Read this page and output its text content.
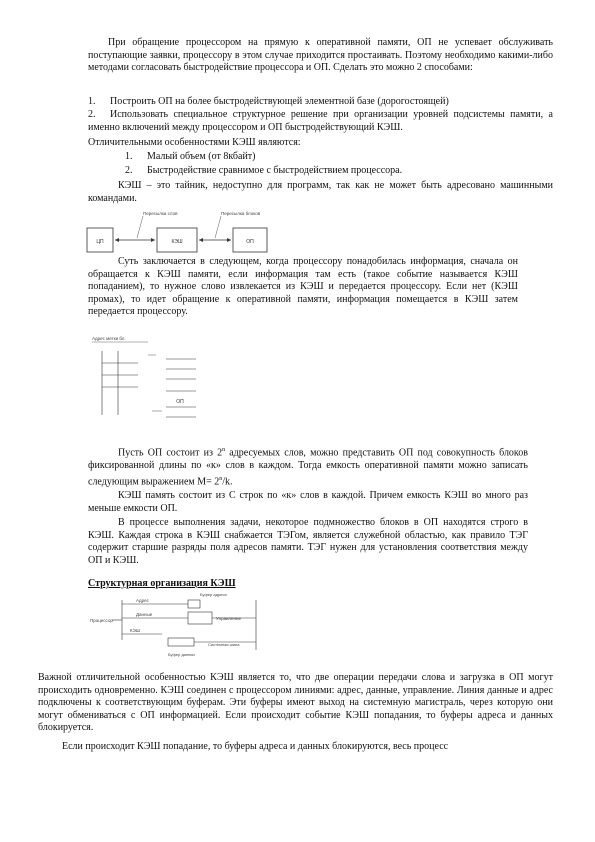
При обращение процессором на прямую к оперативной памяти, ОП не успевает обслуживать поступающие заявки, процессору в этом случае приходится простаивать. Поэтому необходимо какими-либо методами согласовать быстродействие процессора и ОП. Сделать это можно 2 способами:
1. Построить ОП на более быстродействующей элементной базе (дорогостоящей)
2. Использовать специальное структурное решение при организации уровней подсистемы памяти, а именно включений между процессором и ОП быстродействующий КЭШ.
Отличительными особенностями КЭШ являются:
1. Малый объем (от 8кбайт)
2. Быстродействие сравнимое с быстродействием процессора.
КЭШ – это тайник, недоступно для программ, так как не может быть адресовано машинными командами.
ЦП	КЭШ	ОП
Пересылка слов	Пересылка блоков
Суть заключается в следующем, когда процессору понадобилась информация, сначала он обращается к КЭШ памяти, если информация там есть (такое событие называется КЭШ попаданием), то нужное слово извлекается из КЭШ и передается процессору. Если нет (КЭШ промах), то идет обращение к оперативной памяти, информация помещается в КЭШ затем передается процессору.
Адрес метки бл.
ОП
Пусть ОП состоит из 2$^n$ адресуемых слов, можно представить ОП под совокупность блоков фиксированной длины по «к» слов в каждом. Тогда емкость оперативной памяти можно записать следующим выражением $M= 2^n/k$.
КЭШ память состоит из С строк по «к» слов в каждой. Причем емкость КЭШ во много раз меньше емкости ОП.
В процессе выполнения задачи, некоторое подмножество блоков в ОП находятся строго в КЭШ. Каждая строка в КЭШ снабжается ТЭГом, является служебной областью, как правило ТЭГ содержит старшие разряды поля адресов памяти. ТЭГ нужен для установления соответствия между ОП и КЭШ.
Структурная организация КЭШ
Процессор
Адрес
Буфер адреса
Данные
Управление
КЭШ
Буфер данных
Системная шина
Важной отличительной особенностью КЭШ является то, что две операции передачи слова и загрузка в ОП могут происходить одновременно. КЭШ соединен с процессором линиями: адрес, данные, управление. Линия данные и адрес подключены к соответствующим буферам. Эти буферы имеют выход на системную магистраль, через которую они могут обмениваться с ОП информацией. Если происходит событие КЭШ попадания, то буферы адреса и данных блокируется.
Если происходит КЭШ попадание, то буферы адреса и данных блокируются, весь процесс
